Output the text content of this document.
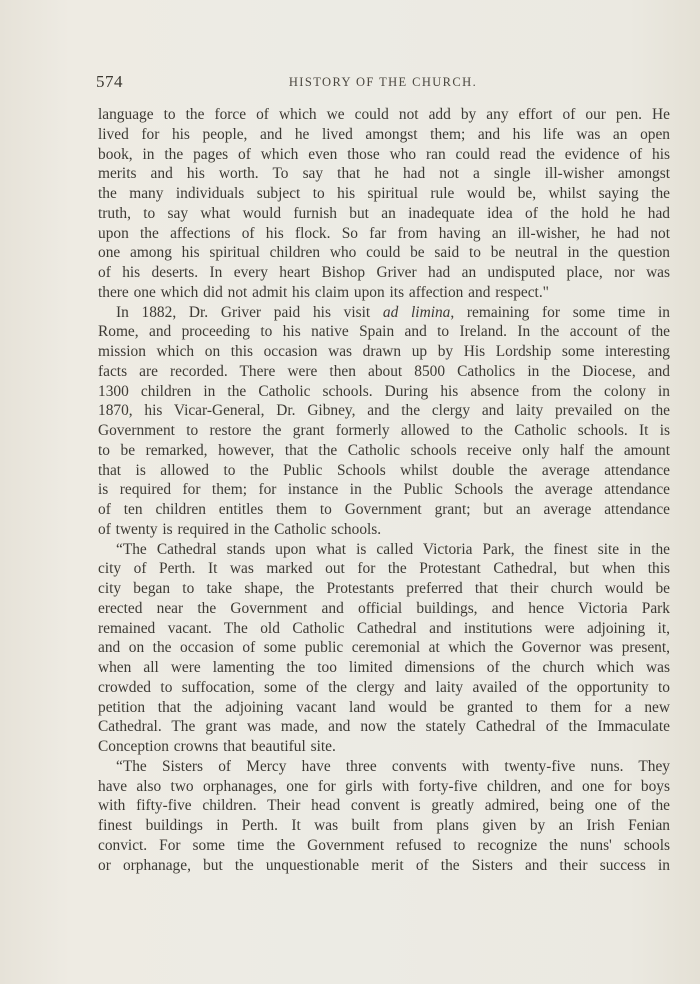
574	HISTORY OF THE CHURCH.

language to the force of which we could not add by any effort of our pen. He

lived for his people, and he lived amongst them; and his life was an open

book, in the pages of which even those who ran could read the evidence of his

merits and his worth. To say that he had not a single ill-wisher amongst

the many individuals subject to his spiritual rule would be, whilst saying the

truth, to say what would furnish but an inadequate idea of the hold he had

upon the affections of his flock. So far from having an ill-wisher, he had not

one among his spiritual children who could be said to be neutral in the question

of his deserts. In every heart Bishop Griver had an undisputed place, nor was

there one which did not admit his claim upon its affection and respect."

In 1882, Dr. Griver paid his visit ad limina, remaining for some time in

Rome, and proceeding to his native Spain and to Ireland. In the account of the

mission which on this occasion was drawn up by His Lordship some interesting

facts are recorded. There were then about 8500 Catholics in the Diocese, and

1300 children in the Catholic schools. During his absence from the colony in

1870, his Vicar-General, Dr. Gibney, and the clergy and laity prevailed on the

Government to restore the grant formerly allowed to the Catholic schools. It is

to be remarked, however, that the Catholic schools receive only half the amount

that is allowed to the Public Schools whilst double the average attendance

is required for them; for instance in the Public Schools the average attendance

of ten children entitles them to Government grant; but an average attendance

of twenty is required in the Catholic schools.

“The Cathedral stands upon what is called Victoria Park, the finest site in the

city of Perth. It was marked out for the Protestant Cathedral, but when this

city began to take shape, the Protestants preferred that their church would be

erected near the Government and official buildings, and hence Victoria Park

remained vacant. The old Catholic Cathedral and institutions were adjoining it,

and on the occasion of some public ceremonial at which the Governor was present,

when all were lamenting the too limited dimensions of the church which was

crowded to suffocation, some of the clergy and laity availed of the opportunity to

petition that the adjoining vacant land would be granted to them for a new

Cathedral. The grant was made, and now the stately Cathedral of the Immaculate

Conception crowns that beautiful site.

“The Sisters of Mercy have three convents with twenty-five nuns. They

have also two orphanages, one for girls with forty-five children, and one for boys

with fifty-five children. Their head convent is greatly admired, being one of the

finest buildings in Perth. It was built from plans given by an Irish Fenian

convict. For some time the Government refused to recognize the nuns' schools

or orphanage, but the unquestionable merit of the Sisters and their success in
